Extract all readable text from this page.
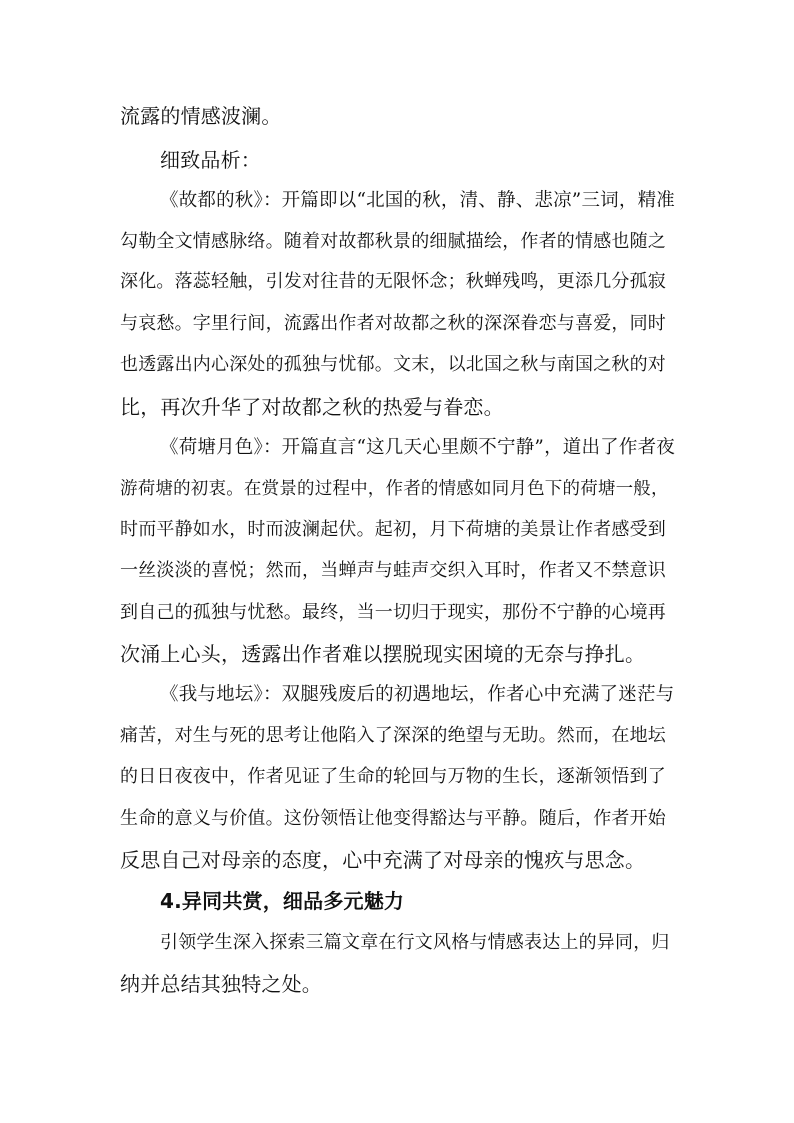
流露的情感波澜。
细致品析：
《故都的秋》：开篇即以“北国的秋，清、静、悲凉”三词，精准
勾勒全文情感脉络。随着对故都秋景的细腻描绘，作者的情感也随之
深化。落蕊轻触，引发对往昔的无限怀念；秋蝉残鸣，更添几分孤寂
与哀愁。字里行间，流露出作者对故都之秋的深深眷恋与喜爱，同时
也透露出内心深处的孤独与忧郁。文末，以北国之秋与南国之秋的对
比，再次升华了对故都之秋的热爱与眷恋。
《荷塘月色》：开篇直言“这几天心里颇不宁静”，道出了作者夜
游荷塘的初衷。在赏景的过程中，作者的情感如同月色下的荷塘一般，
时而平静如水，时而波澜起伏。起初，月下荷塘的美景让作者感受到
一丝淡淡的喜悦；然而，当蝉声与蛙声交织入耳时，作者又不禁意识
到自己的孤独与忧愁。最终，当一切归于现实，那份不宁静的心境再
次涌上心头，透露出作者难以摆脱现实困境的无奈与挣扎。
《我与地坛》：双腿残废后的初遇地坛，作者心中充满了迷茫与
痛苦，对生与死的思考让他陷入了深深的绝望与无助。然而，在地坛
的日日夜夜中，作者见证了生命的轮回与万物的生长，逐渐领悟到了
生命的意义与价值。这份领悟让他变得豁达与平静。随后，作者开始
反思自己对母亲的态度，心中充满了对母亲的愧疚与思念。
4.异同共赏，细品多元魅力
引领学生深入探索三篇文章在行文风格与情感表达上的异同，归
纳并总结其独特之处。
